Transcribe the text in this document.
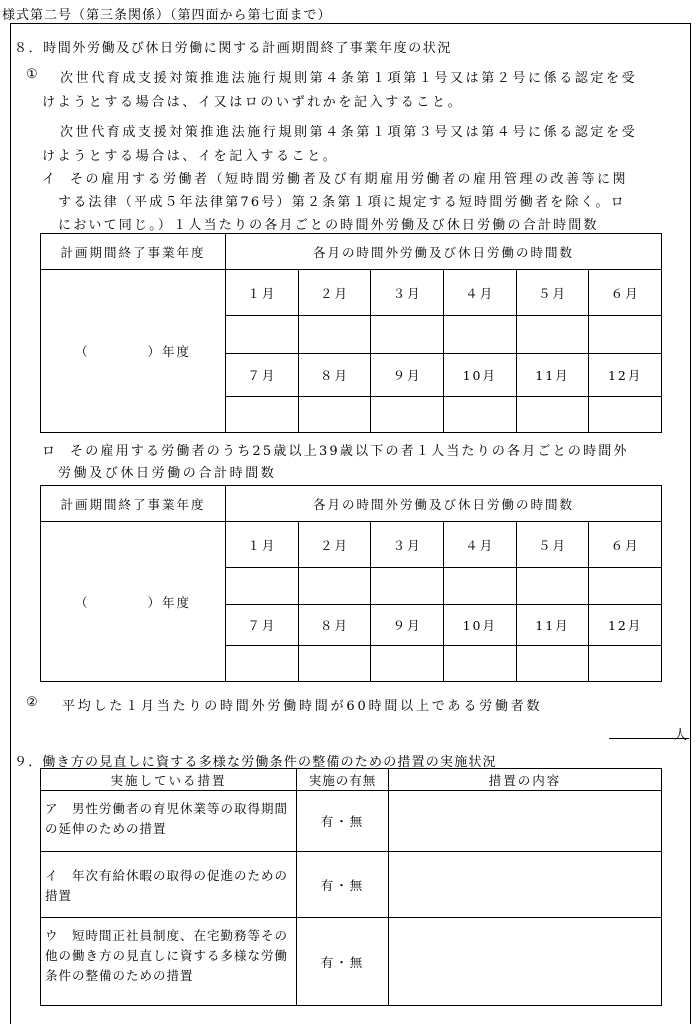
様式第二号（第三条関係）（第四面から第七面まで）
８．時間外労働及び休日労働に関する計画期間終了事業年度の状況
① 次世代育成支援対策推進法施行規則第４条第１項第１号又は第２号に係る認定を受
けようとする場合は、イ又はロのいずれかを記入すること。
次世代育成支援対策推進法施行規則第４条第１項第３号又は第４号に係る認定を受
けようとする場合は、イを記入すること。
イ その雇用する労働者（短時間労働者及び有期雇用労働者の雇用管理の改善等に関
する法律（平成５年法律第76号）第２条第１項に規定する短時間労働者を除く。ロ
において同じ。）１人当たりの各月ごとの時間外労働及び休日労働の合計時間数
計画期間終了事業年度	各月の時間外労働及び休日労働の時間数					
（　　　　）年度	１月	２月	３月	４月	５月	６月

	７月	８月	９月	10月	11月	12月

ロ その雇用する労働者のうち25歳以上39歳以下の者１人当たりの各月ごとの時間外
労働及び休日労働の合計時間数
計画期間終了事業年度	各月の時間外労働及び休日労働の時間数					
（　　　　）年度	１月	２月	３月	４月	５月	６月

	７月	８月	９月	10月	11月	12月

② 平均した１月当たりの時間外労働時間が60時間以上である労働者数
人
９．働き方の見直しに資する多様な労働条件の整備のための措置の実施状況
実施している措置	実施の有無	措置の内容
ア　男性労働者の育児休業等の取得期間の延伸のための措置	有・無	
イ　年次有給休暇の取得の促進のための措置	有・無	
ウ　短時間正社員制度、在宅勤務等その他の働き方の見直しに資する多様な労働条件の整備のための措置	有・無	
